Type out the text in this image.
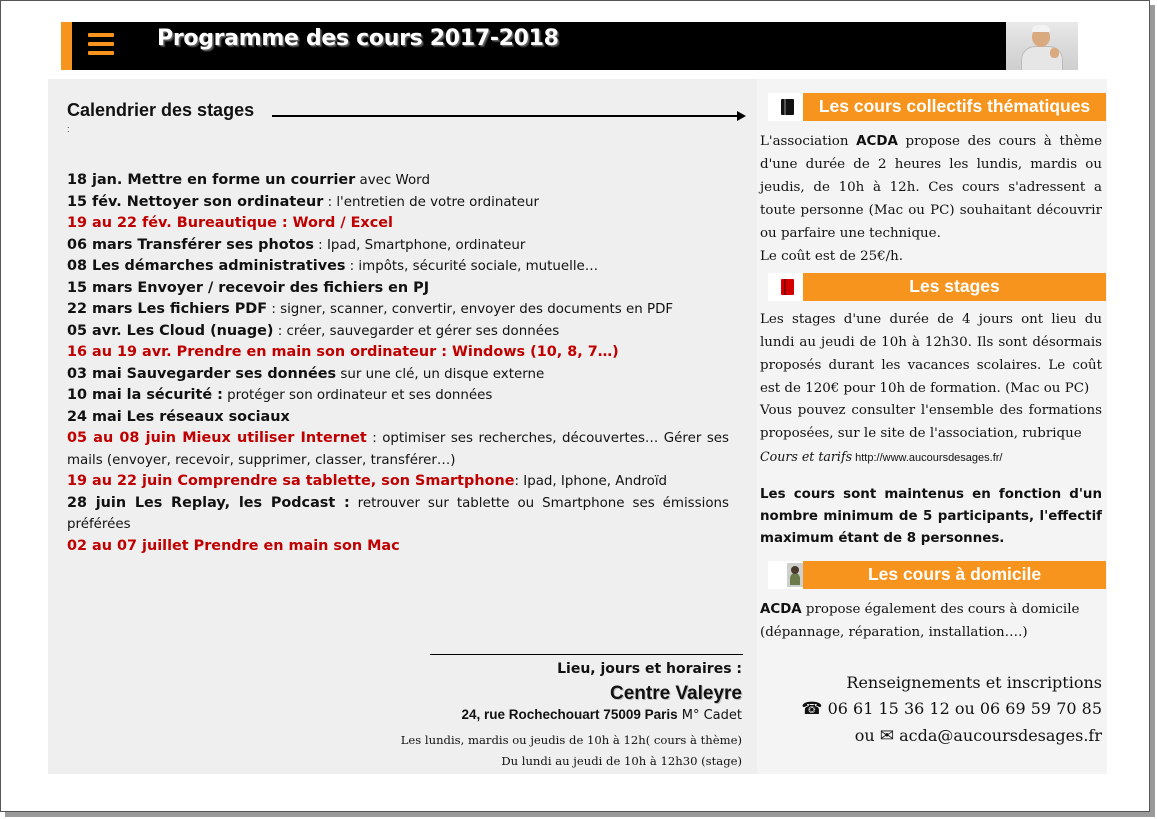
Programme des cours 2017-2018
Calendrier des stages
:
18 jan. Mettre en forme un courrier avec Word
15 fév. Nettoyer son ordinateur : l'entretien de votre ordinateur
19 au 22 fév. Bureautique : Word / Excel
06 mars Transférer ses photos : Ipad, Smartphone, ordinateur
08 Les démarches administratives : impôts, sécurité sociale, mutuelle…
15 mars Envoyer / recevoir des fichiers en PJ
22 mars Les fichiers PDF : signer, scanner, convertir, envoyer des documents en PDF
05 avr. Les Cloud (nuage) : créer, sauvegarder et gérer ses données
16 au 19 avr. Prendre en main son ordinateur : Windows (10, 8, 7…)
03 mai Sauvegarder ses données sur une clé, un disque externe
10 mai la sécurité : protéger son ordinateur et ses données
24 mai Les réseaux sociaux
05 au 08 juin Mieux utiliser Internet : optimiser ses recherches, découvertes… Gérer ses mails (envoyer, recevoir, supprimer, classer, transférer…)
19 au 22 juin Comprendre sa tablette, son Smartphone: Ipad, Iphone, Androïd
28 juin Les Replay, les Podcast : retrouver sur tablette ou Smartphone ses émissions préférées
02 au 07 juillet Prendre en main son Mac
Lieu, jours et horaires :
Centre Valeyre
24, rue Rochechouart 75009 Paris M° Cadet
Les lundis, mardis ou jeudis de 10h à 12h( cours à thème)
Du lundi au jeudi de 10h à 12h30 (stage)
Les cours collectifs thématiques
L'association ACDA propose des cours à thème d'une durée de 2 heures les lundis, mardis ou jeudis, de 10h à 12h. Ces cours s'adressent a toute personne (Mac ou PC) souhaitant découvrir ou parfaire une technique.
Le coût est de 25€/h.
Les stages
Les stages d'une durée de 4 jours ont lieu du lundi au jeudi de 10h à 12h30. Ils sont désormais proposés durant les vacances scolaires. Le coût est de 120€ pour 10h de formation. (Mac ou PC)
Vous pouvez consulter l'ensemble des formations proposées, sur le site de l'association, rubrique
Cours et tarifs http://www.aucoursdesages.fr/
Les cours sont maintenus en fonction d'un nombre minimum de 5 participants, l'effectif maximum étant de 8 personnes.
Les cours à domicile
ACDA propose également des cours à domicile (dépannage, réparation, installation….)
Renseignements et inscriptions
☎ 06 61 15 36 12 ou 06 69 59 70 85
ou ✉ acda@aucoursdesages.fr
